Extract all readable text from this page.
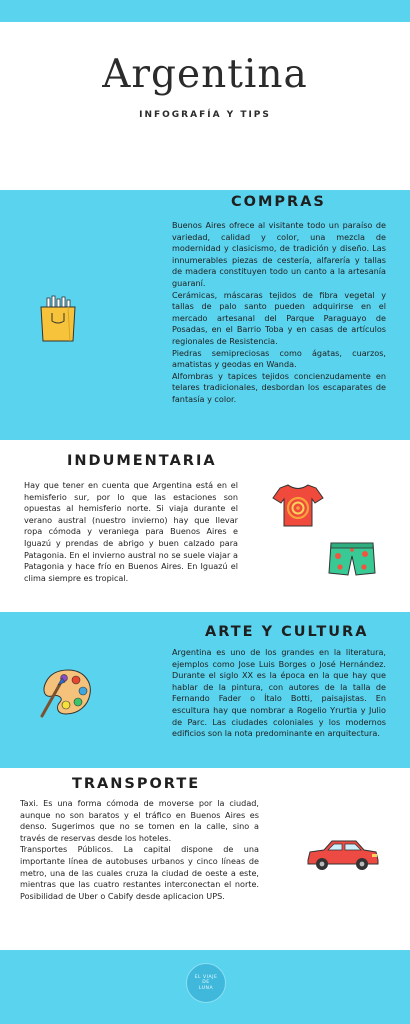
Argentina
INFOGRAFÍA Y TIPS
COMPRAS

Buenos Aires ofrece al visitante todo un paraíso de variedad, calidad y color, una mezcla de modernidad y clasicismo, de tradición y diseño. Las innumerables piezas de cestería, alfarería y tallas de madera constituyen todo un canto a la artesanía guaraní.

Cerámicas, máscaras tejidos de fibra vegetal y tallas de palo santo pueden adquirirse en el mercado artesanal del Parque Paraguayo de Posadas, en el Barrio Toba y en casas de artículos regionales de Resistencia.

Piedras semipreciosas como ágatas, cuarzos, amatistas y geodas en Wanda.

Alfombras y tapices tejidos concienzudamente en telares tradicionales, desbordan los escaparates de fantasía y color.

INDUMENTARIA

Hay que tener en cuenta que Argentina está en el hemisferio sur, por lo que las estaciones son opuestas al hemisferio norte. Si viaja durante el verano austral (nuestro invierno) hay que llevar ropa cómoda y veraniega para Buenos Aires e Iguazú y prendas de abrigo y buen calzado para Patagonia. En el invierno austral no se suele viajar a Patagonia y hace frío en Buenos Aires. En Iguazú el clima siempre es tropical.

ARTE Y CULTURA

Argentina es uno de los grandes en la literatura, ejemplos como Jose Luis Borges o José Hernández. Durante el siglo XX es la época en la que hay que hablar de la pintura, con autores de la talla de Fernando Fader o Ítalo Botti, paisajistas. En escultura hay que nombrar a Rogelio Yrurtia y Julio de Parc. Las ciudades coloniales y los modernos edificios son la nota predominante en arquitectura.

TRANSPORTE

Taxi. Es una forma cómoda de moverse por la ciudad, aunque no son baratos y el tráfico en Buenos Aires es denso. Sugerimos que no se tomen en la calle, sino a través de reservas desde los hoteles.

Transportes Públicos. La capital dispone de una importante línea de autobuses urbanos y cinco líneas de metro, una de las cuales cruza la ciudad de oeste a este, mientras que las cuatro restantes interconectan el norte. Posibilidad de Uber o Cabify desde aplicacion UPS.

EL VIAJE
DE
LUNA
